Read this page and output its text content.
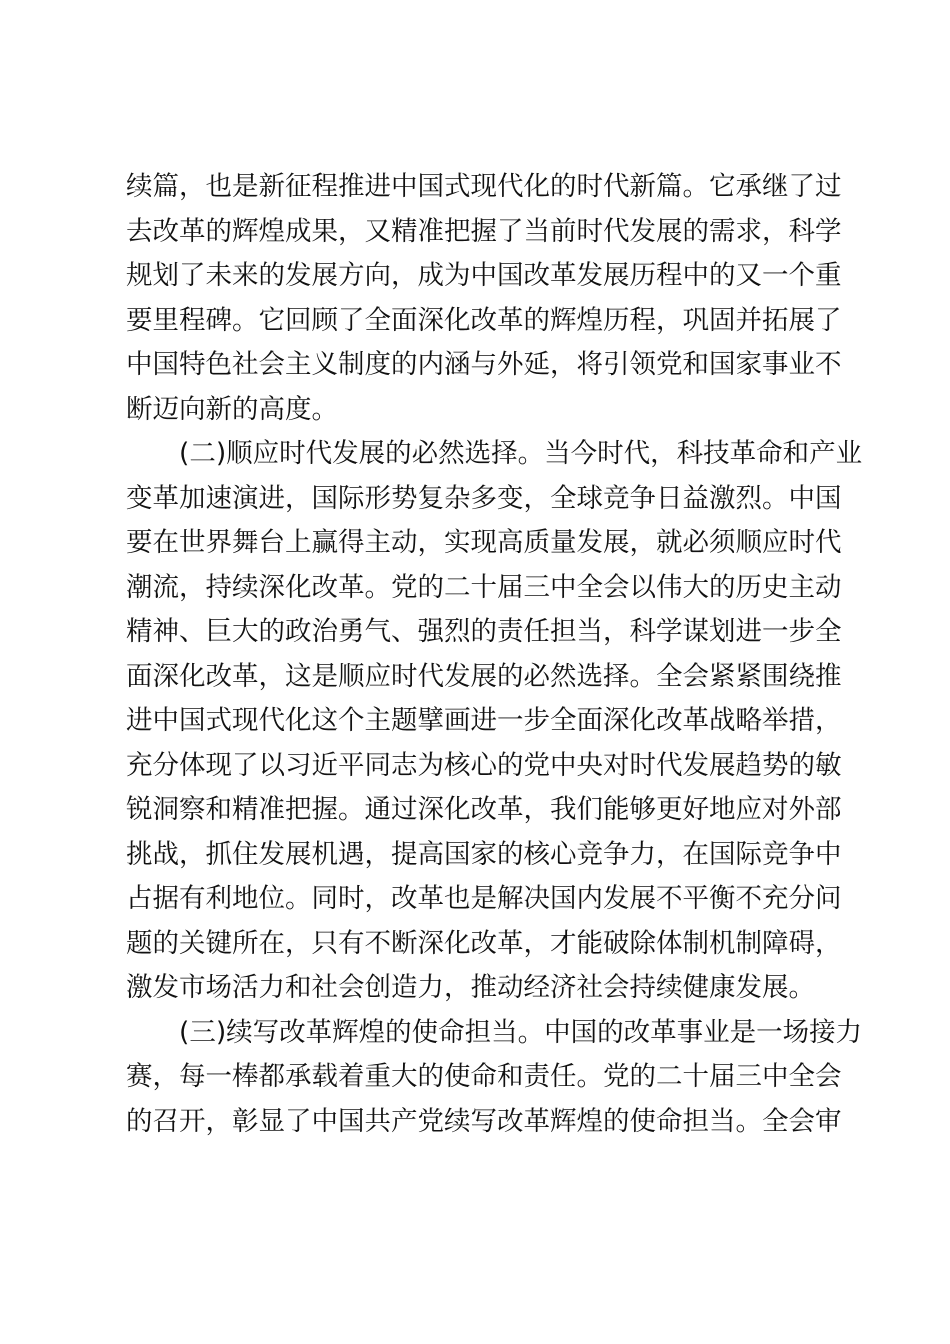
续篇，也是新征程推进中国式现代化的时代新篇。它承继了过
去改革的辉煌成果，又精准把握了当前时代发展的需求，科学
规划了未来的发展方向，成为中国改革发展历程中的又一个重
要里程碑。它回顾了全面深化改革的辉煌历程，巩固并拓展了
中国特色社会主义制度的内涵与外延，将引领党和国家事业不
断迈向新的高度。
(二)顺应时代发展的必然选择。当今时代，科技革命和产业
变革加速演进，国际形势复杂多变，全球竞争日益激烈。中国
要在世界舞台上赢得主动，实现高质量发展，就必须顺应时代
潮流，持续深化改革。党的二十届三中全会以伟大的历史主动
精神、巨大的政治勇气、强烈的责任担当，科学谋划进一步全
面深化改革，这是顺应时代发展的必然选择。全会紧紧围绕推
进中国式现代化这个主题擘画进一步全面深化改革战略举措，
充分体现了以习近平同志为核心的党中央对时代发展趋势的敏
锐洞察和精准把握。通过深化改革，我们能够更好地应对外部
挑战，抓住发展机遇，提高国家的核心竞争力，在国际竞争中
占据有利地位。同时，改革也是解决国内发展不平衡不充分问
题的关键所在，只有不断深化改革，才能破除体制机制障碍，
激发市场活力和社会创造力，推动经济社会持续健康发展。
(三)续写改革辉煌的使命担当。中国的改革事业是一场接力
赛，每一棒都承载着重大的使命和责任。党的二十届三中全会
的召开，彰显了中国共产党续写改革辉煌的使命担当。全会审
